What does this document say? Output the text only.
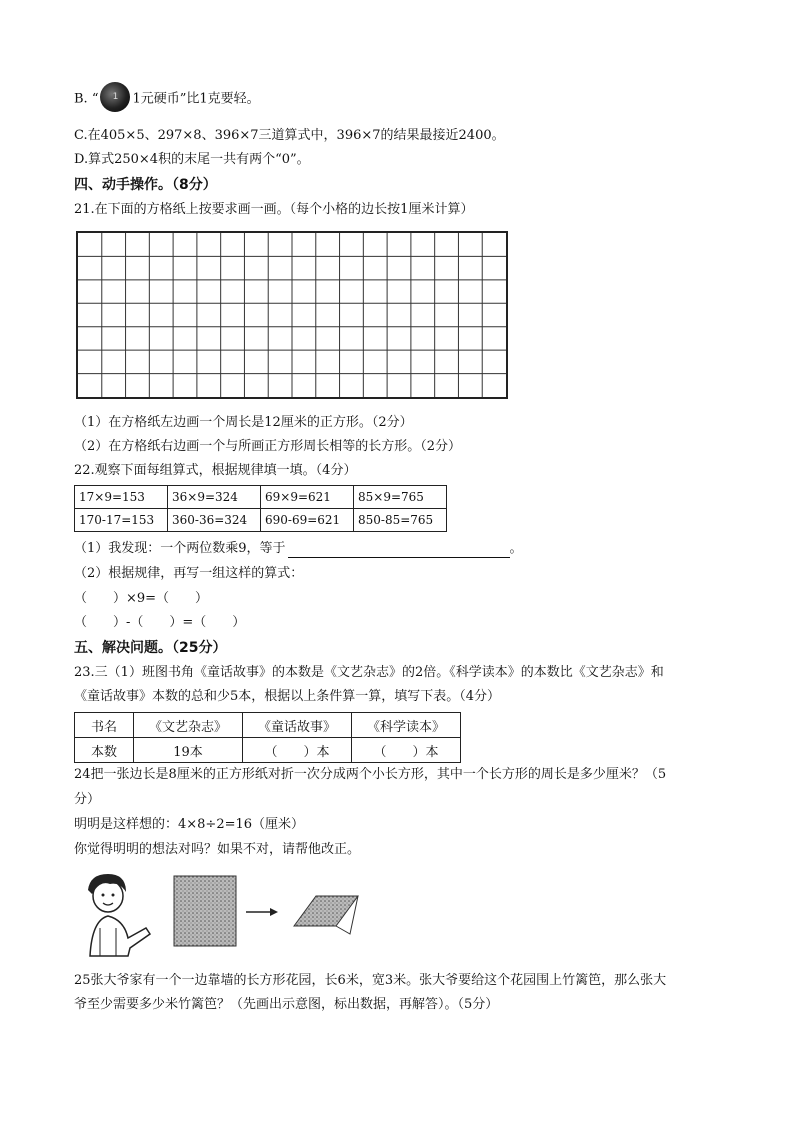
B. “ 1 1元硬币”比1克要轻。
C.在405×5、297×8、396×7三道算式中，396×7的结果最接近2400。
D.算式250×4积的末尾一共有两个“0”。
四、动手操作。（8分）
21.在下面的方格纸上按要求画一画。（每个小格的边长按1厘米计算）
（1）在方格纸左边画一个周长是12厘米的正方形。（2分）
（2）在方格纸右边画一个与所画正方形周长相等的长方形。（2分）
22.观察下面每组算式，根据规律填一填。（4分）
17×9=153	36×9=324	69×9=621	85×9=765
170-17=153	360-36=324	690-69=621	850-85=765
（1）我发现：一个两位数乘9，等于	。
（2）根据规律，再写一组这样的算式：
（　　）×9=（　　）
（　　）-（　　）=（　　）
五、解决问题。（25分）
23.三（1）班图书角《童话故事》的本数是《文艺杂志》的2倍。《科学读本》的本数比《文艺杂志》和
《童话故事》本数的总和少5本，根据以上条件算一算，填写下表。（4分）
书名	《文艺杂志》	《童话故事》	《科学读本》
本数	19本	（　　）本	（　　）本
24把一张边长是8厘米的正方形纸对折一次分成两个小长方形，其中一个长方形的周长是多少厘米？（5
分）
明明是这样想的：4×8÷2=16（厘米）
你觉得明明的想法对吗？如果不对，请帮他改正。
25张大爷家有一个一边靠墙的长方形花园，长6米，宽3米。张大爷要给这个花园围上竹篱笆，那么张大
爷至少需要多少米竹篱笆？（先画出示意图，标出数据，再解答）。（5分）
